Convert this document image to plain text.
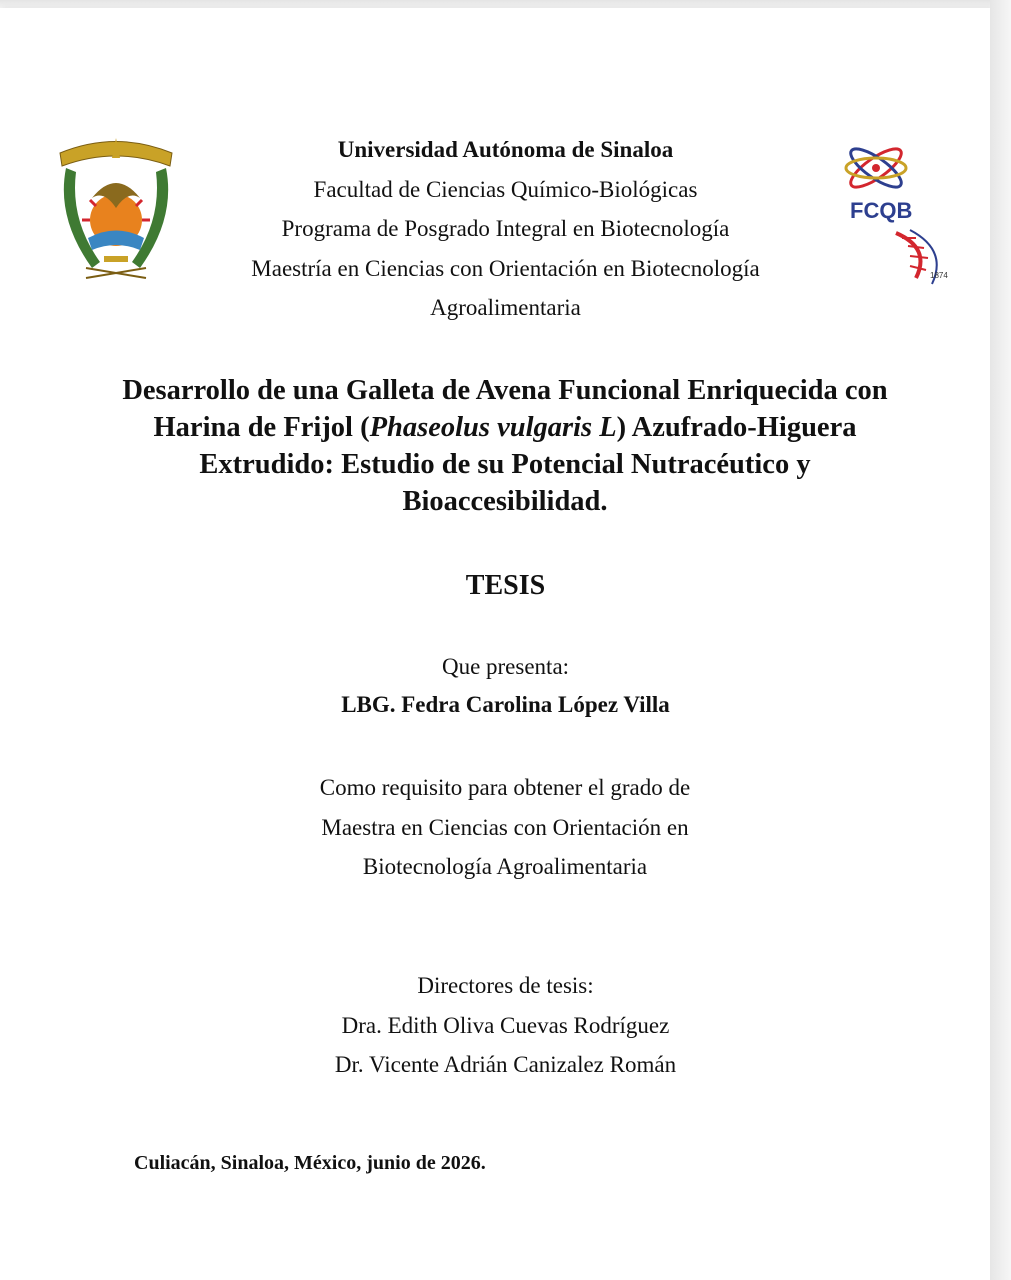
FCQB
1874
Universidad Autónoma de Sinaloa
Facultad de Ciencias Químico-Biológicas
Programa de Posgrado Integral en Biotecnología
Maestría en Ciencias con Orientación en Biotecnología
Agroalimentaria
Desarrollo de una Galleta de Avena Funcional Enriquecida con Harina de Frijol (Phaseolus vulgaris L) Azufrado-Higuera Extrudido: Estudio de su Potencial Nutracéutico y Bioaccesibilidad.
TESIS
Que presenta:
LBG. Fedra Carolina López Villa
Como requisito para obtener el grado de
Maestra en Ciencias con Orientación en
Biotecnología Agroalimentaria
Directores de tesis:
Dra. Edith Oliva Cuevas Rodríguez
Dr. Vicente Adrián Canizalez Román
Culiacán, Sinaloa, México, junio de 2026.
